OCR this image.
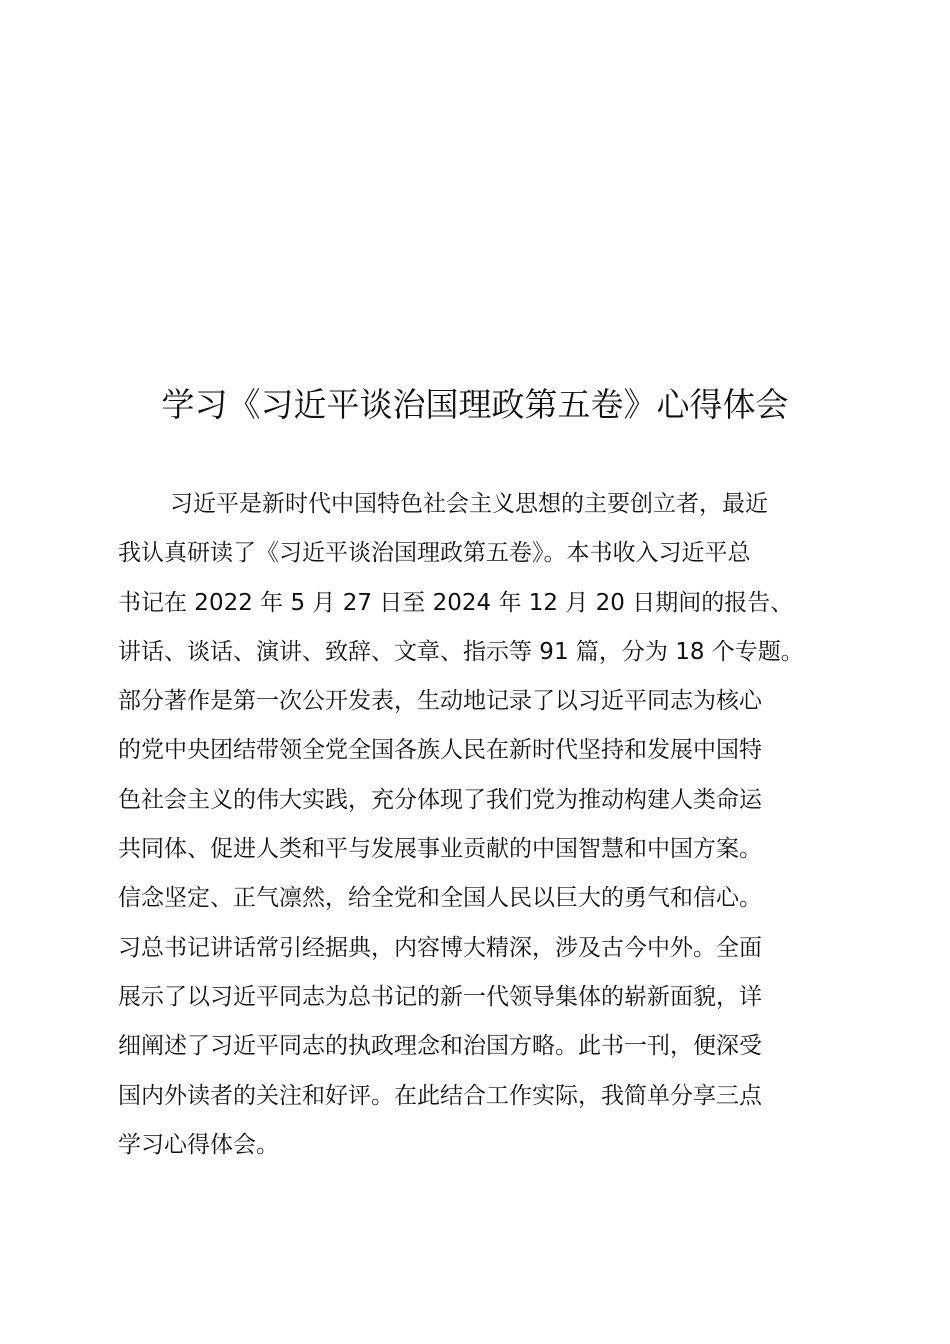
学习《习近平谈治国理政第五卷》心得体会
习近平是新时代中国特色社会主义思想的主要创立者，最近
我认真研读了《习近平谈治国理政第五卷》。本书收入习近平总
书记在 2022 年 5 月 27 日至 2024 年 12 月 20 日期间的报告、
讲话、谈话、演讲、致辞、文章、指示等 91 篇，分为 18 个专题。
部分著作是第一次公开发表，生动地记录了以习近平同志为核心
的党中央团结带领全党全国各族人民在新时代坚持和发展中国特
色社会主义的伟大实践，充分体现了我们党为推动构建人类命运
共同体、促进人类和平与发展事业贡献的中国智慧和中国方案。
信念坚定、正气凛然，给全党和全国人民以巨大的勇气和信心。
习总书记讲话常引经据典，内容博大精深，涉及古今中外。全面
展示了以习近平同志为总书记的新一代领导集体的崭新面貌，详
细阐述了习近平同志的执政理念和治国方略。此书一刊，便深受
国内外读者的关注和好评。在此结合工作实际，我简单分享三点
学习心得体会。
